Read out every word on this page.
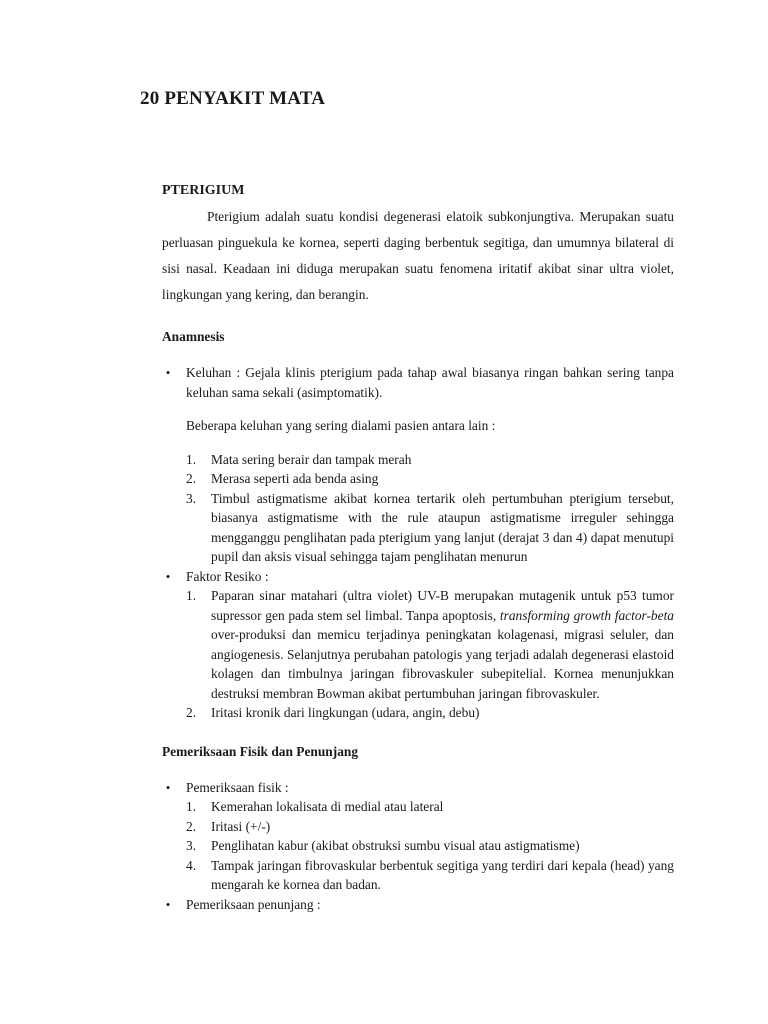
20 PENYAKIT MATA
PTERIGIUM

Pterigium adalah suatu kondisi degenerasi elatoik subkonjungtiva. Merupakan suatu perluasan pinguekula ke kornea, seperti daging berbentuk segitiga, dan umumnya bilateral di sisi nasal. Keadaan ini diduga merupakan suatu fenomena iritatif akibat sinar ultra violet, lingkungan yang kering, dan berangin.

Anamnesis
• Keluhan : Gejala klinis pterigium pada tahap awal biasanya ringan bahkan sering tanpa keluhan sama sekali (asimptomatik).

Beberapa keluhan yang sering dialami pasien antara lain :

1.	Mata sering berair dan tampak merah
2.	Merasa seperti ada benda asing
3.	Timbul astigmatisme akibat kornea tertarik oleh pertumbuhan pterigium tersebut, biasanya astigmatisme with the rule ataupun astigmatisme irreguler sehingga mengganggu penglihatan pada pterigium yang lanjut (derajat 3 dan 4) dapat menutupi pupil dan aksis visual sehingga tajam penglihatan menurun
• Faktor Resiko :
1.	Paparan sinar matahari (ultra violet) UV-B merupakan mutagenik untuk p53 tumor supressor gen pada stem sel limbal. Tanpa apoptosis, transforming growth factor-beta over-produksi dan memicu terjadinya peningkatan kolagenasi, migrasi seluler, dan angiogenesis. Selanjutnya perubahan patologis yang terjadi adalah degenerasi elastoid kolagen dan timbulnya jaringan fibrovaskuler subepitelial. Kornea menunjukkan destruksi membran Bowman akibat pertumbuhan jaringan fibrovaskuler.
2.	Iritasi kronik dari lingkungan (udara, angin, debu)
Pemeriksaan Fisik dan Penunjang
• Pemeriksaan fisik :
1.	Kemerahan lokalisata di medial atau lateral
2.	Iritasi (+/-)
3.	Penglihatan kabur (akibat obstruksi sumbu visual atau astigmatisme)
4.	Tampak jaringan fibrovaskular berbentuk segitiga yang terdiri dari kepala (head) yang mengarah ke kornea dan badan.
• Pemeriksaan penunjang :
